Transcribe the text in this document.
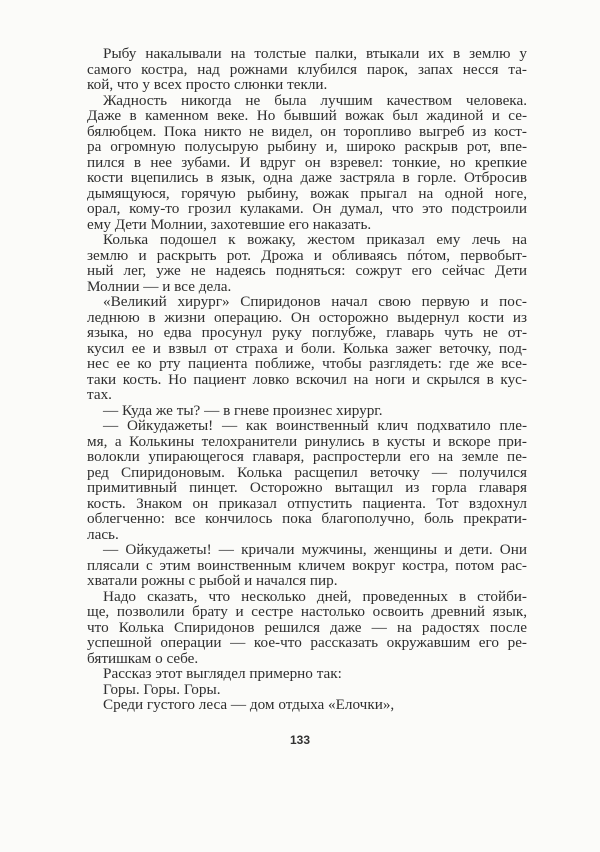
Рыбу накалывали на толстые палки, втыкали их в землю у
самого костра, над рожнами клубился парок, запах несся та-
кой, что у всех просто слюнки текли.
Жадность никогда не была лучшим качеством человека.
Даже в каменном веке. Но бывший вожак был жадиной и се-
бялюбцем. Пока никто не видел, он торопливо выгреб из кост-
ра огромную полусырую рыбину и, широко раскрыв рот, впе-
пился в нее зубами. И вдруг он взревел: тонкие, но крепкие
кости вцепились в язык, одна даже застряла в горле. Отбросив
дымящуюся, горячую рыбину, вожак прыгал на одной ноге,
орал, кому-то грозил кулаками. Он думал, что это подстроили
ему Дети Молнии, захотевшие его наказать.
Колька подошел к вожаку, жестом приказал ему лечь на
землю и раскрыть рот. Дрожа и обливаясь пóтом, первобыт-
ный лег, уже не надеясь подняться: сожрут его сейчас Дети
Молнии — и все дела.
«Великий хирург» Спиридонов начал свою первую и пос-
леднюю в жизни операцию. Он осторожно выдернул кости из
языка, но едва просунул руку поглубже, главарь чуть не от-
кусил ее и взвыл от страха и боли. Колька зажег веточку, под-
нес ее ко рту пациента поближе, чтобы разглядеть: где же все-
таки кость. Но пациент ловко вскочил на ноги и скрылся в кус-
тах.
— Куда же ты? — в гневе произнес хирург.
— Ойкудажеты! — как воинственный клич подхватило пле-
мя, а Колькины телохранители ринулись в кусты и вскоре при-
волокли упирающегося главаря, распростерли его на земле пе-
ред Спиридоновым. Колька расщепил веточку — получился
примитивный пинцет. Осторожно вытащил из горла главаря
кость. Знаком он приказал отпустить пациента. Тот вздохнул
облегченно: все кончилось пока благополучно, боль прекрати-
лась.
— Ойкудажеты! — кричали мужчины, женщины и дети. Они
плясали с этим воинственным кличем вокруг костра, потом рас-
хватали рожны с рыбой и начался пир.
Надо сказать, что несколько дней, проведенных в стойби-
ще, позволили брату и сестре настолько освоить древний язык,
что Колька Спиридонов решился даже — на радостях после
успешной операции — кое-что рассказать окружавшим его ре-
бятишкам о себе.
Рассказ этот выглядел примерно так:
Горы. Горы. Горы.
Среди густого леса — дом отдыха «Елочки»,
133
